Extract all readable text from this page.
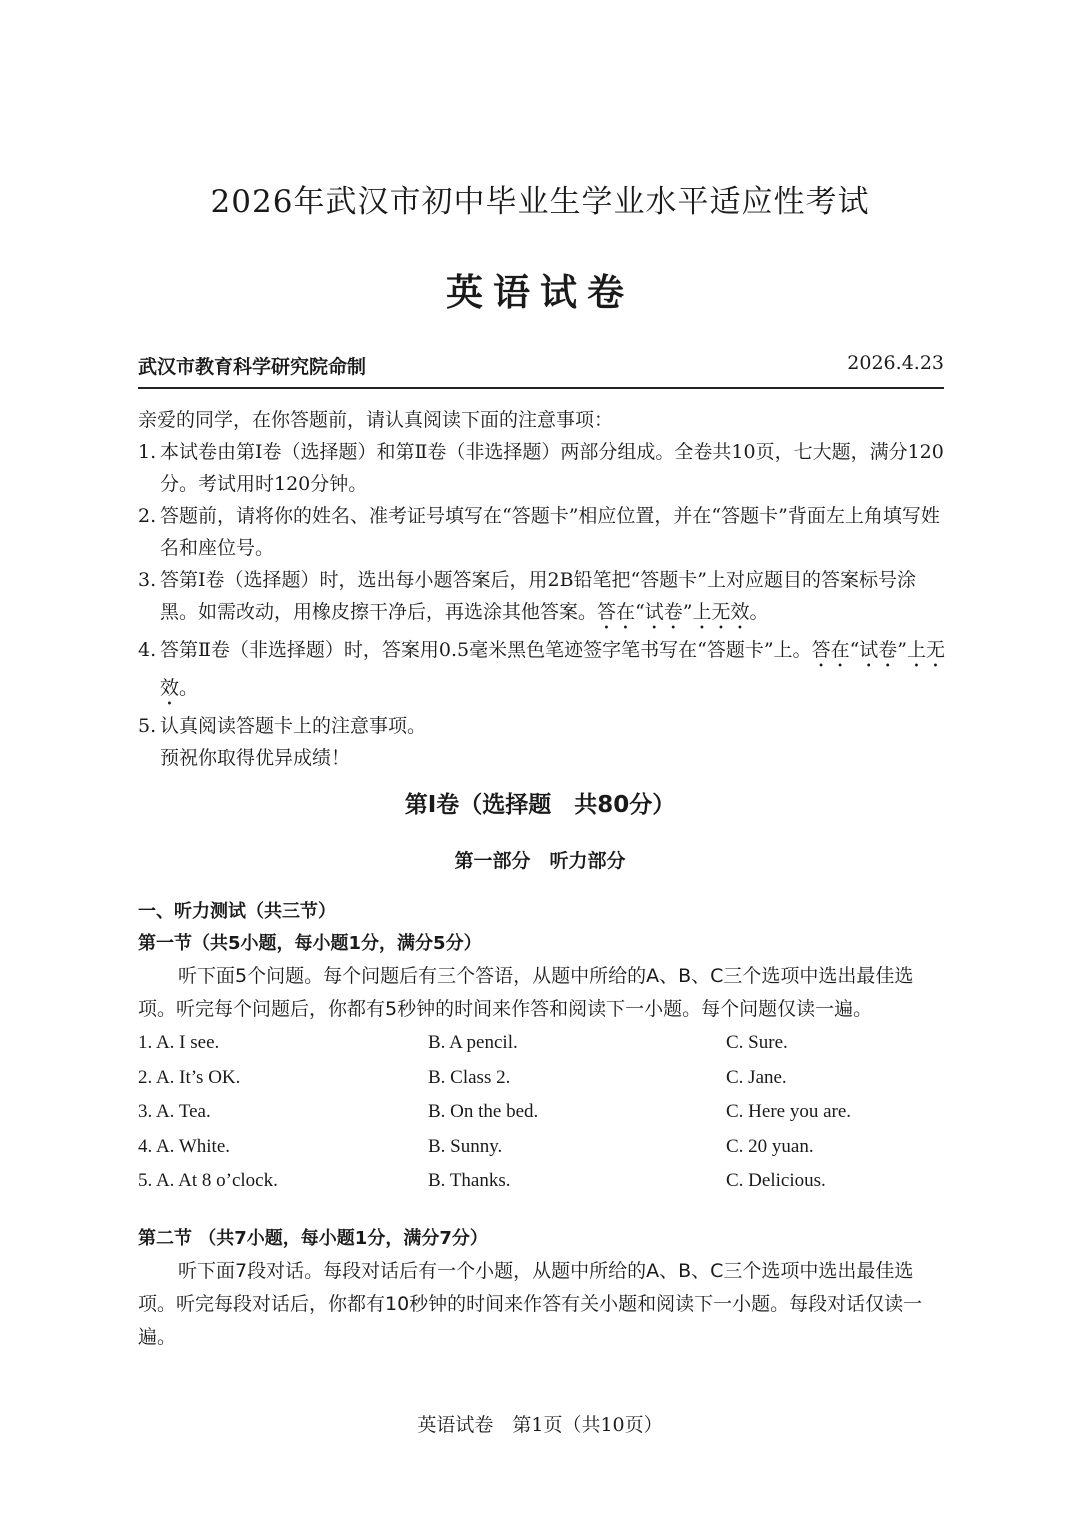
2026年武汉市初中毕业生学业水平适应性考试
英语试卷
武汉市教育科学研究院命制	2026.4.23

亲爱的同学，在你答题前，请认真阅读下面的注意事项：

1. 本试卷由第Ⅰ卷（选择题）和第Ⅱ卷（非选择题）两部分组成。全卷共10页，七大题，满分120分。考试用时120分钟。
2. 答题前，请将你的姓名、准考证号填写在“答题卡”相应位置，并在“答题卡”背面左上角填写姓名和座位号。
3. 答第Ⅰ卷（选择题）时，选出每小题答案后，用2B铅笔把“答题卡”上对应题目的答案标号涂黑。如需改动，用橡皮擦干净后，再选涂其他答案。答在“试卷”上无效。
4. 答第Ⅱ卷（非选择题）时，答案用0.5毫米黑色笔迹签字笔书写在“答题卡”上。答在“试卷”上无效。
5. 认真阅读答题卡上的注意事项。

预祝你取得优异成绩！

第Ⅰ卷（选择题　共80分）
第一部分　听力部分

一、听力测试（共三节）

第一节（共5小题，每小题1分，满分5分）

听下面5个问题。每个问题后有三个答语，从题中所给的A、B、C三个选项中选出最佳选项。听完每个问题后，你都有5秒钟的时间来作答和阅读下一小题。每个问题仅读一遍。

1. A. I see.	B. A pencil.	C. Sure.
2. A. It’s OK.	B. Class 2.	C. Jane.
3. A. Tea.	B. On the bed.	C. Here you are.
4. A. White.	B. Sunny.	C. 20 yuan.
5. A. At 8 o’clock.	B. Thanks.	C. Delicious.

第二节 （共7小题，每小题1分，满分7分）

听下面7段对话。每段对话后有一个小题，从题中所给的A、B、C三个选项中选出最佳选项。听完每段对话后，你都有10秒钟的时间来作答有关小题和阅读下一小题。每段对话仅读一遍。

英语试卷　第1页（共10页）
